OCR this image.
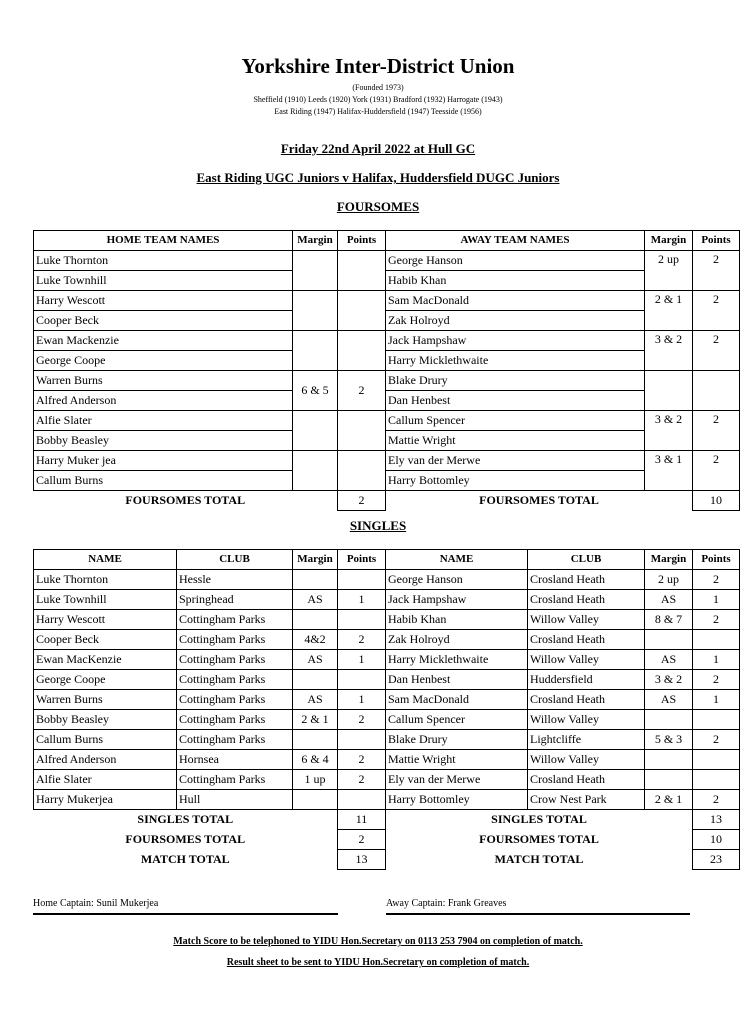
Yorkshire Inter-District Union
(Founded 1973)
Sheffield (1910) Leeds (1920) York (1931) Bradford (1932) Harrogate (1943)
East Riding (1947) Halifax-Huddersfield (1947) Teesside (1956)
Friday 22nd April 2022 at Hull GC
East Riding UGC Juniors v Halifax, Huddersfield DUGC Juniors
FOURSOMES
HOME TEAM NAMES	Margin	Points	AWAY TEAM NAMES	Margin	Points
Luke Thornton			George Hanson	2 up	2
Luke Townhill			Habib Khan		
Harry Wescott			Sam MacDonald	2 & 1	2
Cooper Beck			Zak Holroyd		
Ewan Mackenzie			Jack Hampshaw	3 & 2	2
George Coope			Harry Micklethwaite		
Warren Burns	6 & 5	2	Blake Drury		
Alfred Anderson			Dan Henbest		
Alfie Slater			Callum Spencer	3 & 2	2
Bobby Beasley			Mattie Wright		
Harry Muker jea			Ely van der Merwe	3 & 1	2
Callum Burns			Harry Bottomley		
FOURSOMES TOTAL		2	FOURSOMES TOTAL		10
SINGLES
NAME	CLUB	Margin	Points	NAME	CLUB	Margin	Points
Luke Thornton	Hessle			George Hanson	Crosland Heath	2 up	2
Luke Townhill	Springhead	AS	1	Jack Hampshaw	Crosland Heath	AS	1
Harry Wescott	Cottingham Parks			Habib Khan	Willow Valley	8 & 7	2
Cooper Beck	Cottingham Parks	4&2	2	Zak Holroyd	Crosland Heath		
Ewan MacKenzie	Cottingham Parks	AS	1	Harry Micklethwaite	Willow Valley	AS	1
George Coope	Cottingham Parks			Dan Henbest	Huddersfield	3 & 2	2
Warren Burns	Cottingham Parks	AS	1	Sam MacDonald	Crosland Heath	AS	1
Bobby Beasley	Cottingham Parks	2 & 1	2	Callum Spencer	Willow Valley		
Callum Burns	Cottingham Parks			Blake Drury	Lightcliffe	5 & 3	2
Alfred Anderson	Hornsea	6 & 4	2	Mattie Wright	Willow Valley		
Alfie Slater	Cottingham Parks	1 up	2	Ely van der Merwe	Crosland Heath		
Harry Mukerjea	Hull			Harry Bottomley	Crow Nest Park	2 & 1	2
SINGLES TOTAL			11	SINGLES TOTAL			13
FOURSOMES TOTAL			2	FOURSOMES TOTAL			10
MATCH TOTAL			13	MATCH TOTAL			23
Home Captain: Sunil Mukerjea	Away Captain: Frank Greaves
Match Score to be telephoned to YIDU Hon.Secretary on 0113 253 7904 on completion of match.
Result sheet to be sent to YIDU Hon.Secretary on completion of match.
